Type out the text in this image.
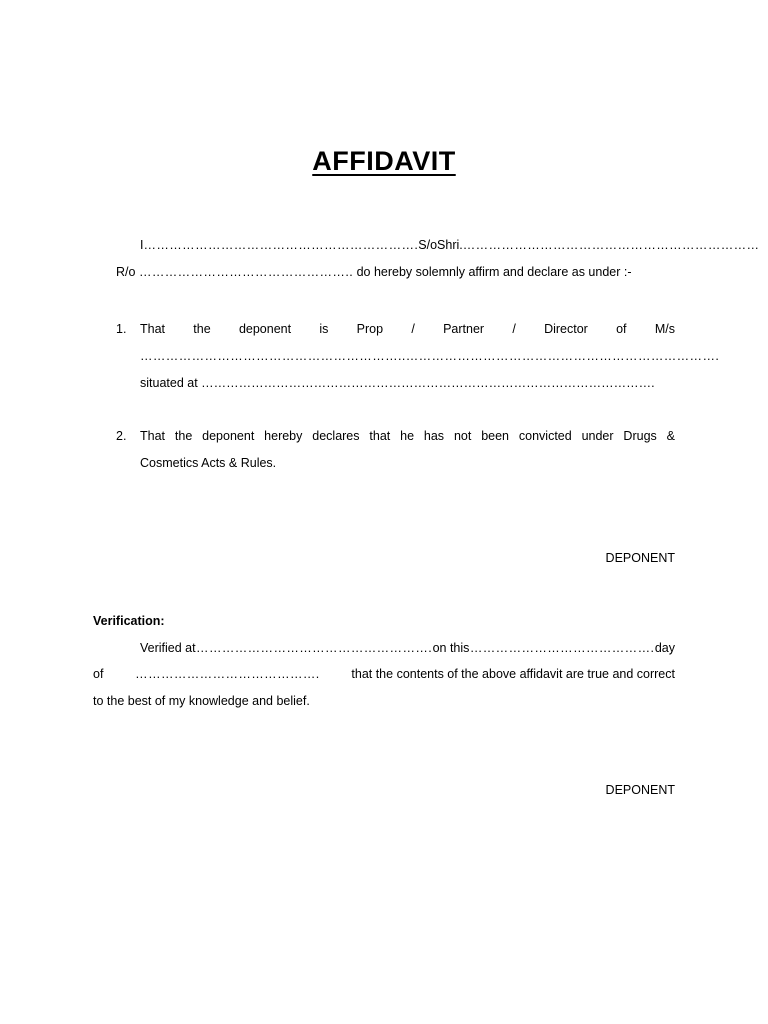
AFFIDAVIT
I ………………………………………………………. S/o Shri. ……………………………………………………………
R/o ………………………………………….. do hereby solemnly affirm and declare as under :-
1. That the deponent is Prop / Partner / Director of M/s
…………………………………………………….. ……………………………………………………………….
situated at ……………………………………………………………………………………………….
2. That the deponent hereby declares that he has not been convicted under Drugs &
Cosmetics Acts & Rules.
DEPONENT
Verification:
Verified at ………………………………………………. on this ……………………………………. day
of	…………………………………….	that the contents of the above affidavit are true and correct
to the best of my knowledge and belief.
DEPONENT
